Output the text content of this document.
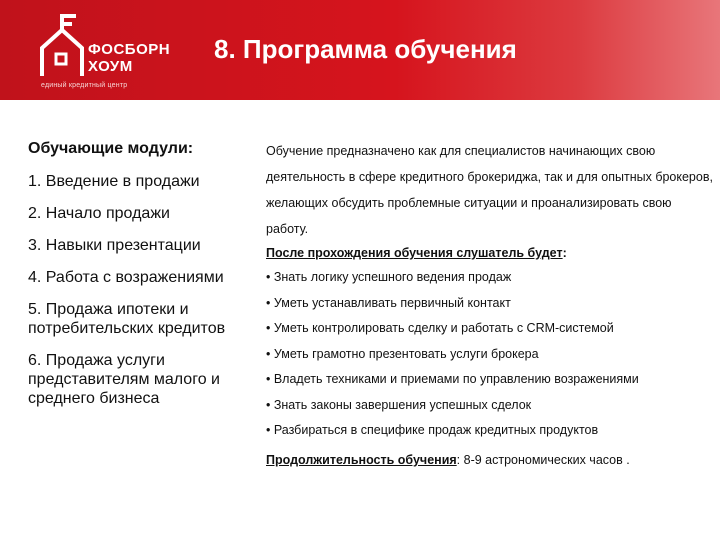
ФОСБОРН
ХОУМ
единый кредитный центр
8. Программа обучения
Обучающие модули:
1. Введение в продажи
2. Начало продажи
3. Навыки презентации
4. Работа с возражениями
5. Продажа ипотеки и потребительских кредитов
6. Продажа услуги представителям малого и среднего бизнеса

Обучение предназначено как для специалистов начинающих свою деятельность в сфере кредитного брокериджа, так и для опытных брокеров, желающих обсудить проблемные ситуации и проанализировать свою работу.

После прохождения обучения слушатель будет:
• Знать логику успешного ведения продаж
• Уметь устанавливать первичный контакт
• Уметь контролировать сделку и работать с CRM-системой
• Уметь грамотно презентовать услуги брокера
• Владеть техниками и приемами по управлению возражениями
• Знать законы завершения успешных сделок
• Разбираться в специфике продаж кредитных продуктов
Продолжительность обучения: 8-9 астрономических часов .
